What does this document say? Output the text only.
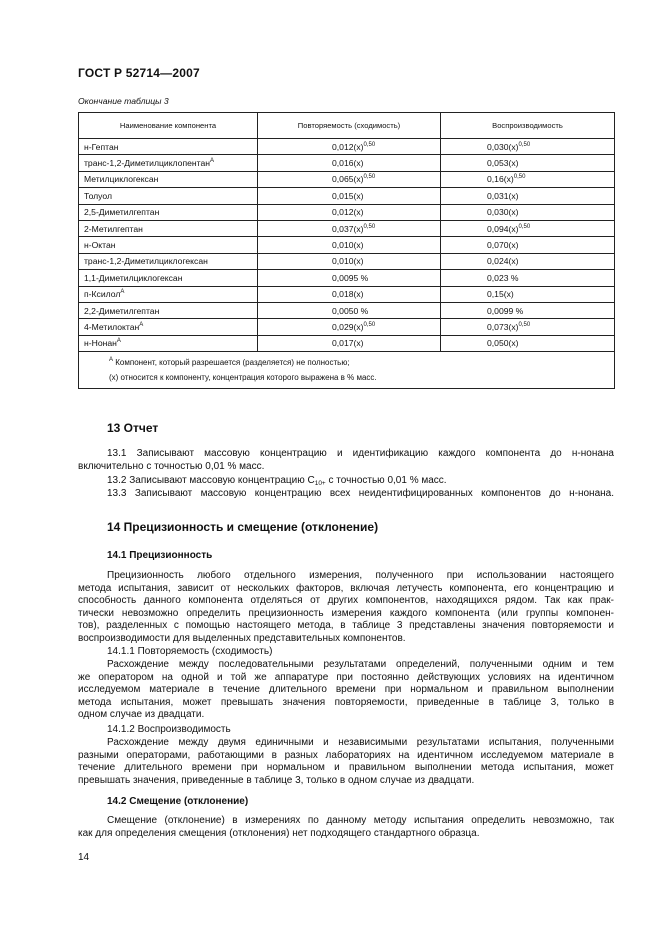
ГОСТ Р 52714—2007
Окончание таблицы 3
Наименование компонента	Повторяемость (сходимость)	Воспроизводимость
н-Гептан	$0,012(x)^{0,50}$	$0,030(x)^{0,50}$
транс-1,2-Диметилциклопентан$^A$	0,016(x)	0,053(x)
Метилциклогексан	$0,065(x)^{0,50}$	$0,16(x)^{0,50}$
Толуол	0,015(x)	0,031(x)
2,5-Диметилгептан	0,012(x)	0,030(x)
2-Метилгептан	$0,037(x)^{0,50}$	$0,094(x)^{0,50}$
н-Октан	0,010(x)	0,070(x)
транс-1,2-Диметилциклогексан	0,010(x)	0,024(x)
1,1-Диметилциклогексан	0,0095 %	0,023 %
п-Ксилол$^A$	0,018(x)	0,15(x)
2,2-Диметилгептан	0,0050 %	0,0099 %
4-Метилоктан$^A$	$0,029(x)^{0,50}$	$0,073(x)^{0,50}$
н-Нонан$^A$	0,017(x)	0,050(x)

$^A$ Компонент, который разрешается (разделяется) не полностью;
(x) относится к компоненту, концентрация которого выражена в % масс.		
13 Отчет
13.1 Записывают массовую концентрацию и идентификацию каждого компонента до н-нонана
включительно с точностью 0,01 % масс.
13.2 Записывают массовую концентрацию $С_{10+}$ с точностью 0,01 % масс.
13.3 Записывают массовую концентрацию всех неидентифицированных компонентов до н-нонана.
14 Прецизионность и смещение (отклонение)
14.1 Прецизионность
Прецизионность любого отдельного измерения, полученного при использовании настоящего
метода испытания, зависит от нескольких факторов, включая летучесть компонента, его концентрацию и
способность данного компонента отделяться от других компонентов, находящихся рядом. Так как прак-
тически невозможно определить прецизионность измерения каждого компонента (или группы компонен-
тов), разделенных с помощью настоящего метода, в таблице 3 представлены значения повторяемости и
воспроизводимости для выделенных представительных компонентов.
14.1.1 Повторяемость (сходимость)
Расхождение между последовательными результатами определений, полученными одним и тем
же оператором на одной и той же аппаратуре при постоянно действующих условиях на идентичном
исследуемом материале в течение длительного времени при нормальном и правильном выполнении
метода испытания, может превышать значения повторяемости, приведенные в таблице 3, только в
одном случае из двадцати.
14.1.2 Воспроизводимость
Расхождение между двумя единичными и независимыми результатами испытания, полученными
разными операторами, работающими в разных лабораториях на идентичном исследуемом материале в
течение длительного времени при нормальном и правильном выполнении метода испытания, может
превышать значения, приведенные в таблице 3, только в одном случае из двадцати.
14.2 Смещение (отклонение)
Смещение (отклонение) в измерениях по данному методу испытания определить невозможно, так
как для определения смещения (отклонения) нет подходящего стандартного образца.
14
